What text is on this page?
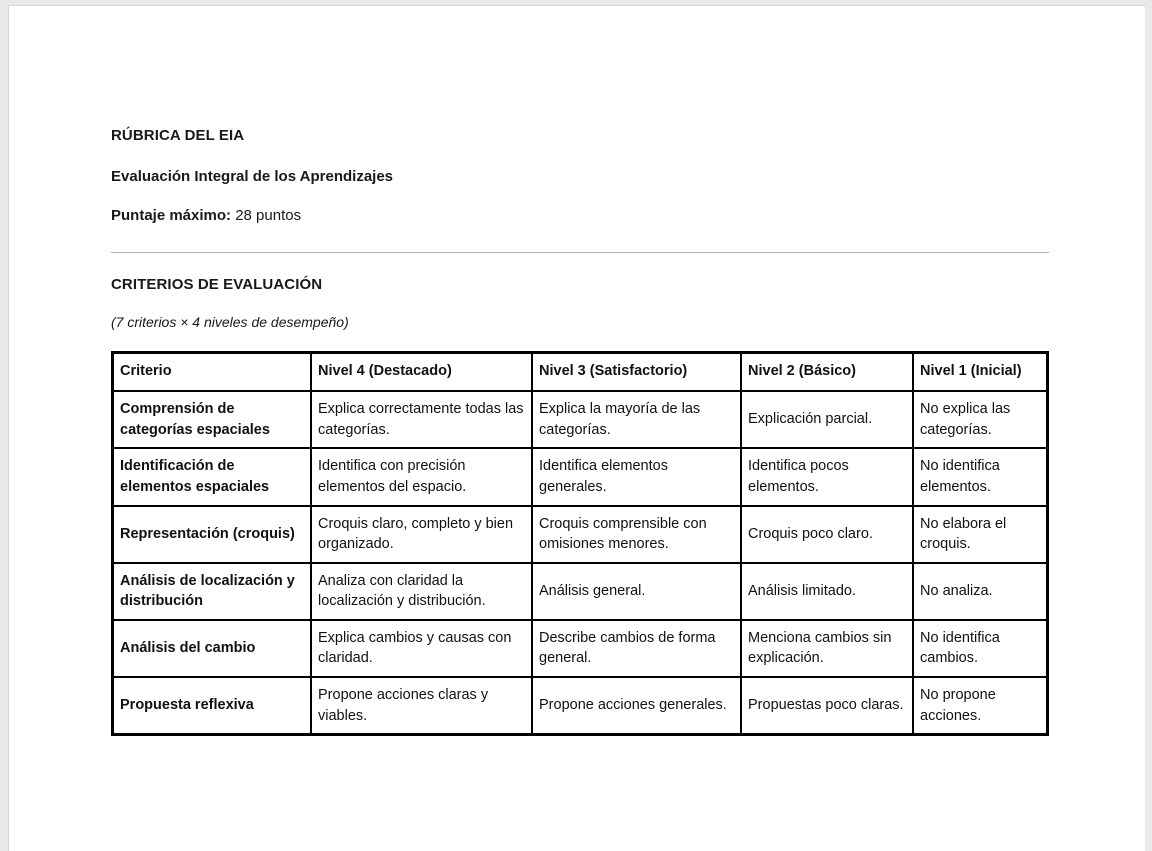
RÚBRICA DEL EIA
Evaluación Integral de los Aprendizajes

Puntaje máximo: 28 puntos

CRITERIOS DE EVALUACIÓN

(7 criterios × 4 niveles de desempeño)

Criterio	Nivel 4 (Destacado)	Nivel 3 (Satisfactorio)	Nivel 2 (Básico)	Nivel 1 (Inicial)
Comprensión de categorías espaciales	Explica correctamente todas las categorías.	Explica la mayoría de las categorías.	Explicación parcial.	No explica las categorías.
Identificación de elementos espaciales	Identifica con precisión elementos del espacio.	Identifica elementos generales.	Identifica pocos elementos.	No identifica elementos.
Representación (croquis)	Croquis claro, completo y bien organizado.	Croquis comprensible con omisiones menores.	Croquis poco claro.	No elabora el croquis.
Análisis de localización y distribución	Analiza con claridad la localización y distribución.	Análisis general.	Análisis limitado.	No analiza.
Análisis del cambio	Explica cambios y causas con claridad.	Describe cambios de forma general.	Menciona cambios sin explicación.	No identifica cambios.
Propuesta reflexiva	Propone acciones claras y viables.	Propone acciones generales.	Propuestas poco claras.	No propone acciones.
